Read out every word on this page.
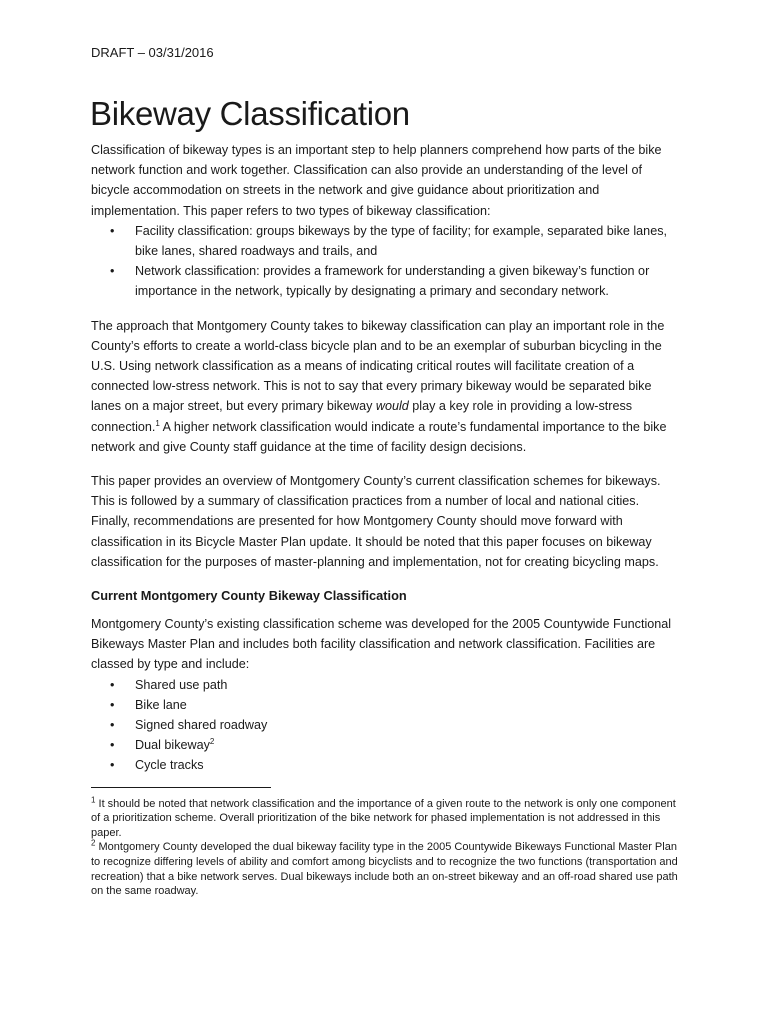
DRAFT – 03/31/2016
Bikeway Classification

Classification of bikeway types is an important step to help planners comprehend how parts of the bike network function and work together. Classification can also provide an understanding of the level of bicycle accommodation on streets in the network and give guidance about prioritization and implementation. This paper refers to two types of bikeway classification:

• Facility classification: groups bikeways by the type of facility; for example, separated bike lanes, bike lanes, shared roadways and trails, and
• Network classification: provides a framework for understanding a given bikeway’s function or importance in the network, typically by designating a primary and secondary network.

The approach that Montgomery County takes to bikeway classification can play an important role in the County’s efforts to create a world-class bicycle plan and to be an exemplar of suburban bicycling in the U.S. Using network classification as a means of indicating critical routes will facilitate creation of a connected low-stress network. This is not to say that every primary bikeway would be separated bike lanes on a major street, but every primary bikeway would play a key role in providing a low-stress connection.$^1$ A higher network classification would indicate a route’s fundamental importance to the bike network and give County staff guidance at the time of facility design decisions.

This paper provides an overview of Montgomery County’s current classification schemes for bikeways. This is followed by a summary of classification practices from a number of local and national cities. Finally, recommendations are presented for how Montgomery County should move forward with classification in its Bicycle Master Plan update. It should be noted that this paper focuses on bikeway classification for the purposes of master-planning and implementation, not for creating bicycling maps.

Current Montgomery County Bikeway Classification

Montgomery County’s existing classification scheme was developed for the 2005 Countywide Functional Bikeways Master Plan and includes both facility classification and network classification. Facilities are classed by type and include:

• Shared use path
• Bike lane
• Signed shared roadway
• Dual bikeway$^2$
• Cycle tracks

$^1$ It should be noted that network classification and the importance of a given route to the network is only one component of a prioritization scheme. Overall prioritization of the bike network for phased implementation is not addressed in this paper.

$^2$ Montgomery County developed the dual bikeway facility type in the 2005 Countywide Bikeways Functional Master Plan to recognize differing levels of ability and comfort among bicyclists and to recognize the two functions (transportation and recreation) that a bike network serves. Dual bikeways include both an on-street bikeway and an off-road shared use path on the same roadway.
